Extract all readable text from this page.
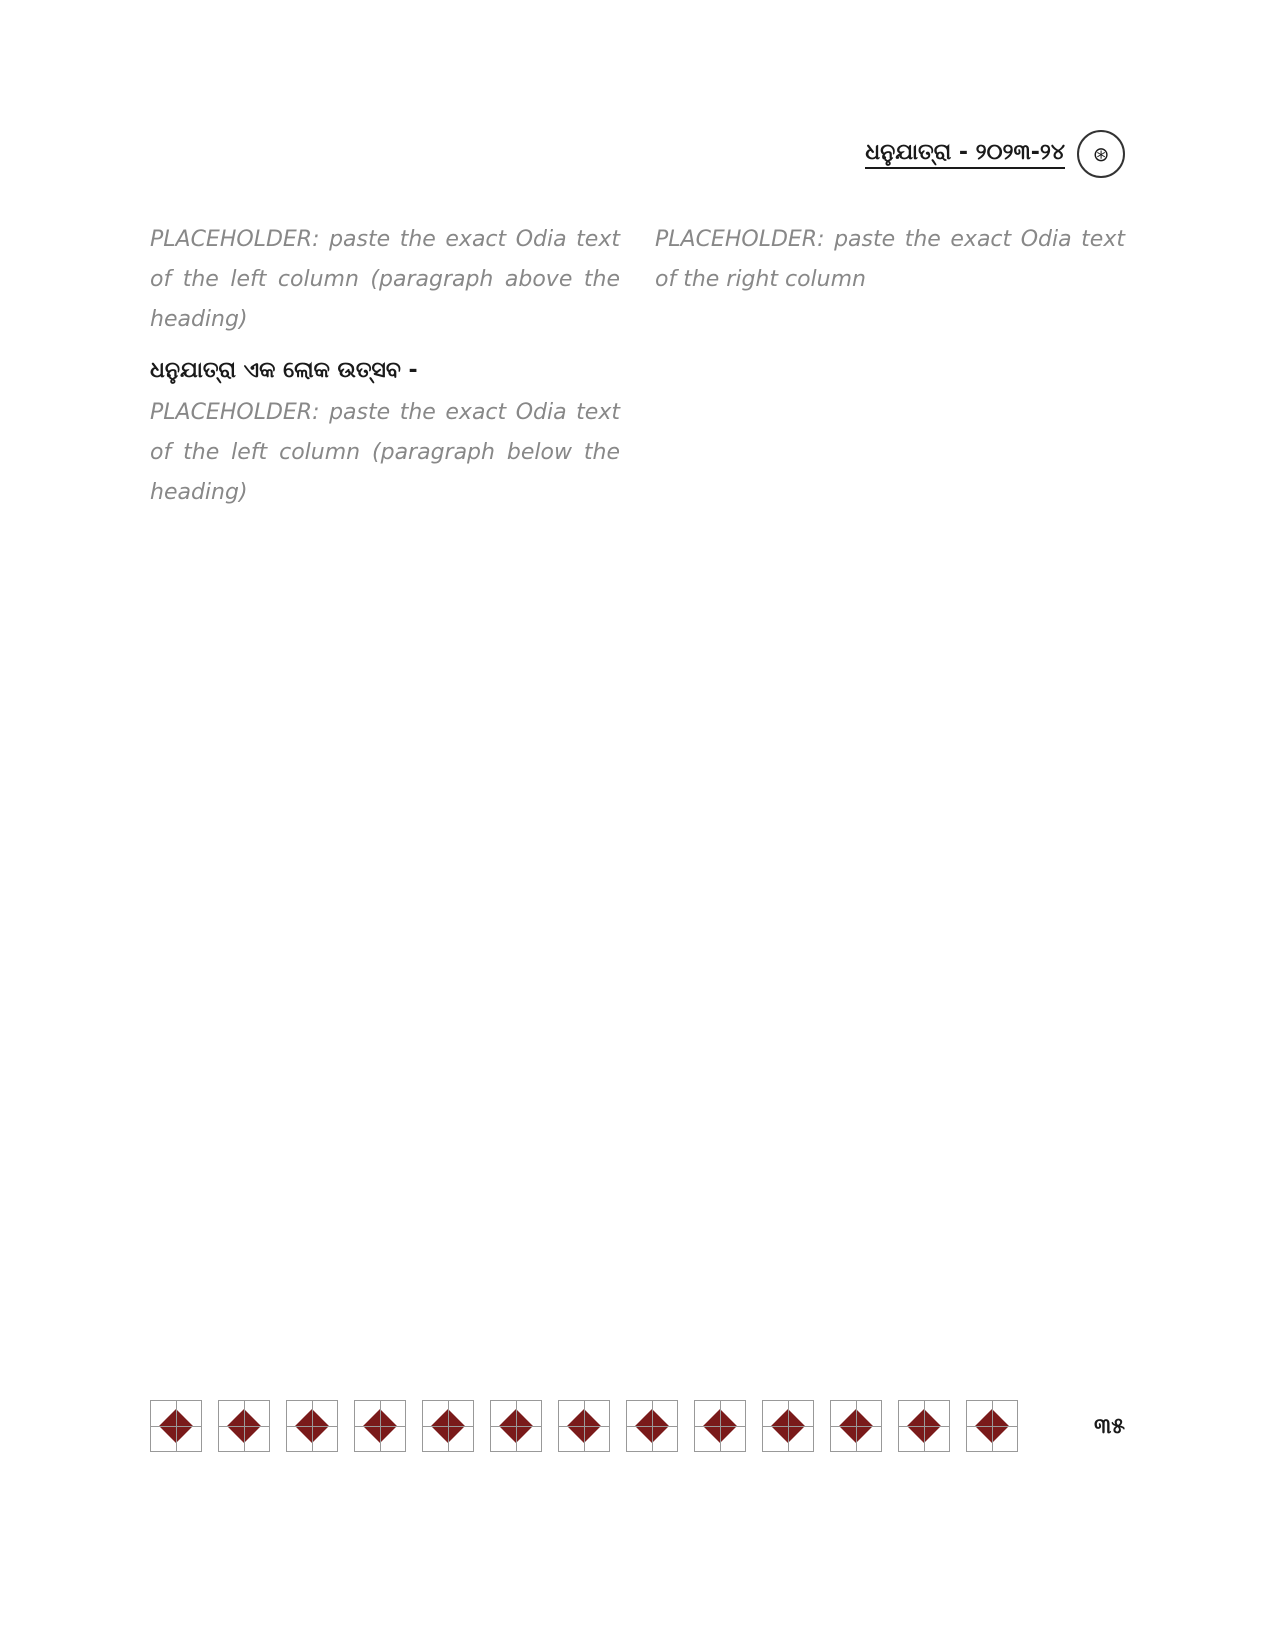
ଧନୁଯାତ୍ରା - ୨୦୨୩-୨୪	⊛

PLACEHOLDER: paste the exact Odia text of the left column (paragraph above the heading)

ଧନୁଯାତ୍ରା ଏକ ଲୋକ ଉତ୍ସବ -

PLACEHOLDER: paste the exact Odia text of the left column (paragraph below the heading)

PLACEHOLDER: paste the exact Odia text of the right column

୩୫
